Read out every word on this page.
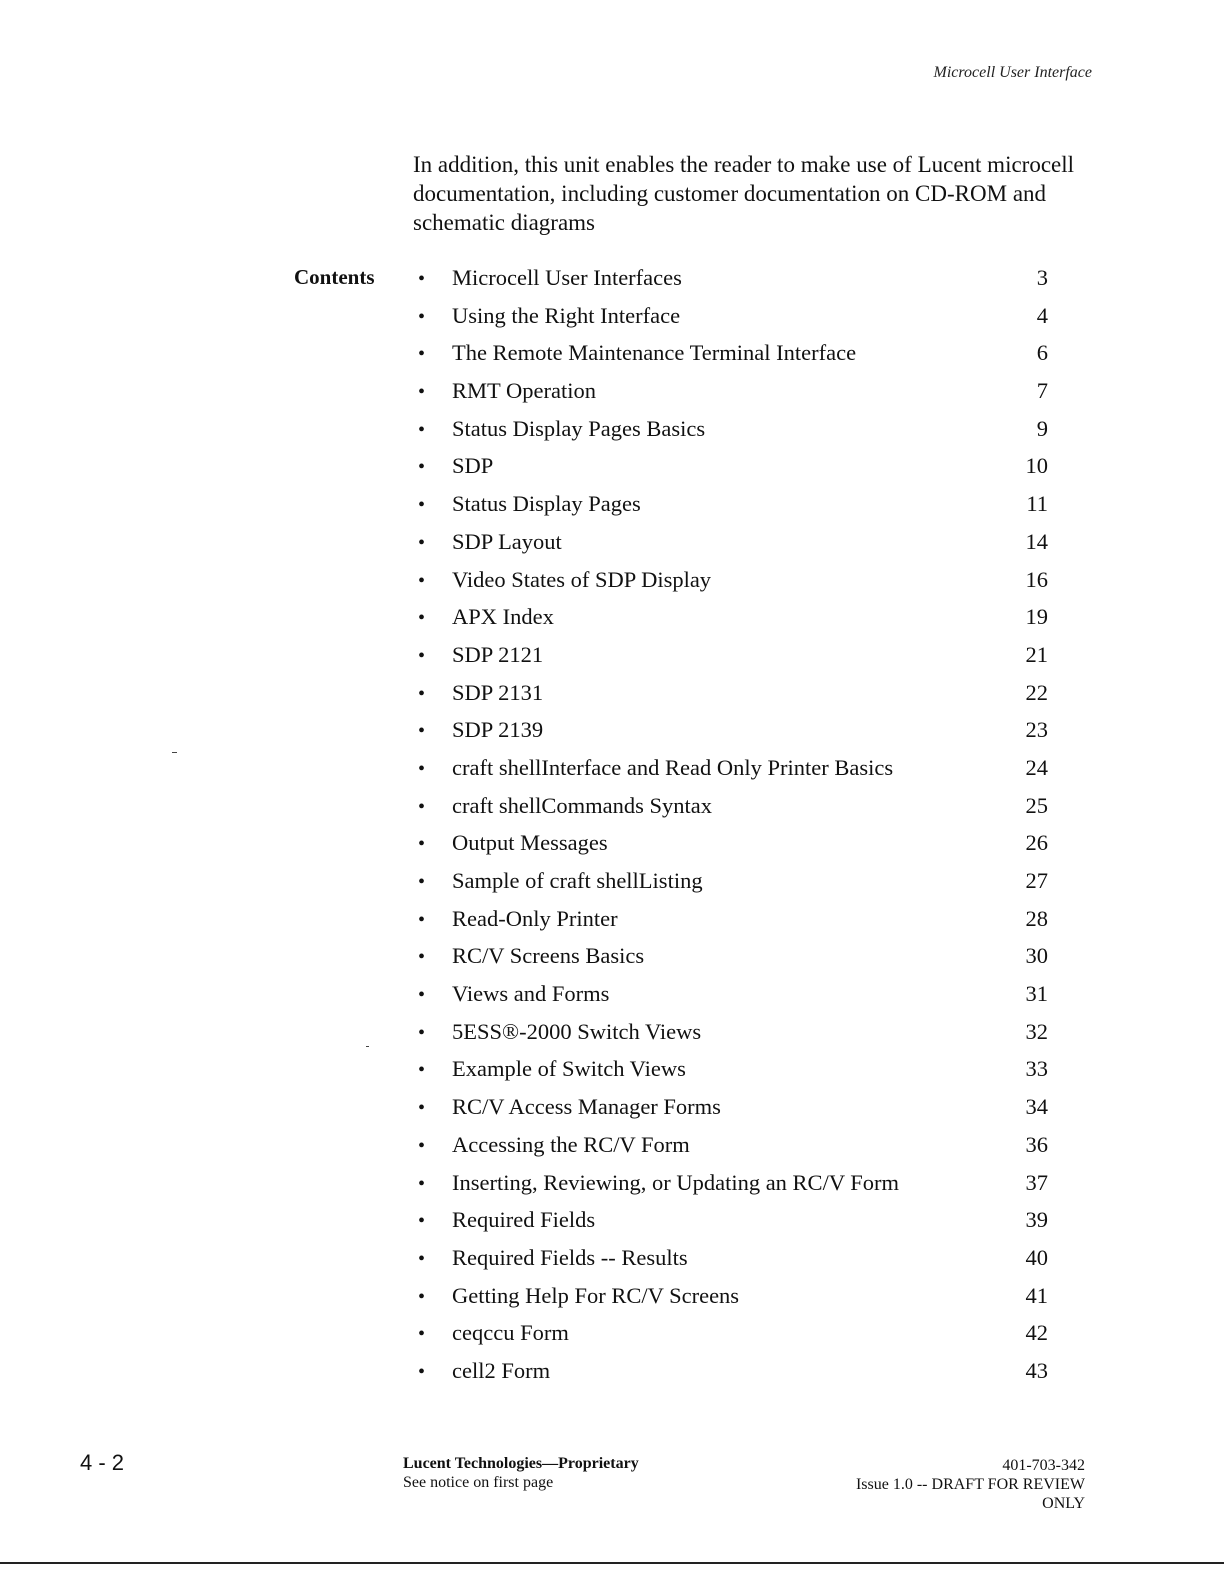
Microcell User Interface

In addition, this unit enables the reader to make use of Lucent microcell documentation, including customer documentation on CD-ROM and schematic diagrams

Contents •	Microcell User Interfaces	3
•	Using the Right Interface	4
•	The Remote Maintenance Terminal Interface	6
•	RMT Operation	7
•	Status Display Pages Basics	9
•	SDP	10
•	Status Display Pages	11
•	SDP Layout	14
•	Video States of SDP Display	16
•	APX Index	19
•	SDP 2121	21
•	SDP 2131	22
•	SDP 2139	23
•	craft shellInterface and Read Only Printer Basics	24
•	craft shellCommands Syntax	25
•	Output Messages	26
•	Sample of craft shellListing	27
•	Read-Only Printer	28
•	RC/V Screens Basics	30
•	Views and Forms	31
•	5ESS®-2000 Switch Views	32
•	Example of Switch Views	33
•	RC/V Access Manager Forms	34
•	Accessing the RC/V Form	36
•	Inserting, Reviewing, or Updating an RC/V Form	37
•	Required Fields	39
•	Required Fields -- Results	40
•	Getting Help For RC/V Screens	41
•	ceqccu Form	42
•	cell2 Form	43
4 - 2	Lucent Technologies—Proprietary
See notice on first page
401-703-342
Issue 1.0 -- DRAFT FOR REVIEW
ONLY
